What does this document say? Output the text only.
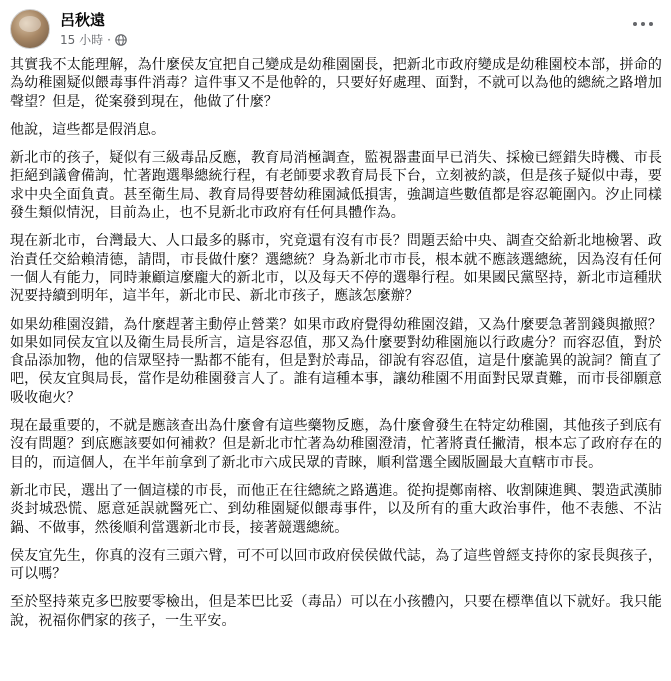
呂秋遠
15 小時 ·

其實我不太能理解，為什麼侯友宜把自己變成是幼稚園園長，把新北市政府變成是幼稚園校本部，拼命的為幼稚園疑似餵毒事件消毒？這件事又不是他幹的，只要好好處理、面對，不就可以為他的總統之路增加聲望？但是，從案發到現在，他做了什麼？

他說，這些都是假消息。

新北市的孩子，疑似有三級毒品反應，教育局消極調查，監視器畫面早已消失、採檢已經錯失時機、市長拒絕到議會備詢，忙著跑選舉總統行程，有老師要求教育局長下台，立刻被約談，但是孩子疑似中毒，要求中央全面負責。甚至衛生局、教育局得要替幼稚園減低損害，強調這些數值都是容忍範圍內。汐止同樣發生類似情況，目前為止，也不見新北市政府有任何具體作為。

現在新北市，台灣最大、人口最多的縣市，究竟還有沒有市長？問題丟給中央、調查交給新北地檢署、政治責任交給賴清德，請問，市長做什麼？選總統？身為新北市市長，根本就不應該選總統，因為沒有任何一個人有能力，同時兼顧這麼龐大的新北市，以及每天不停的選舉行程。如果國民黨堅持，新北市這種狀況要持續到明年，這半年，新北市民、新北市孩子，應該怎麼辦？

如果幼稚園沒錯，為什麼趕著主動停止營業？如果市政府覺得幼稚園沒錯，又為什麼要急著罰錢與撤照？如果如同侯友宜以及衛生局長所言，這是容忍值，那又為什麼要對幼稚園施以行政處分？而容忍值，對於食品添加物，他的信眾堅持一點都不能有，但是對於毒品，卻說有容忍值，這是什麼詭異的說詞？簡直了吧，侯友宜與局長，當作是幼稚園發言人了。誰有這種本事，讓幼稚園不用面對民眾責難，而市長卻願意吸收砲火？

現在最重要的，不就是應該查出為什麼會有這些藥物反應，為什麼會發生在特定幼稚園，其他孩子到底有沒有問題？到底應該要如何補救？但是新北市忙著為幼稚園澄清，忙著將責任撇清，根本忘了政府存在的目的，而這個人，在半年前拿到了新北市六成民眾的青睞，順利當選全國版圖最大直轄市市長。

新北市民，選出了一個這樣的市長，而他正在往總統之路邁進。從拘提鄭南榕、收割陳進興、製造武漢肺炎封城恐慌、愿意延誤就醫死亡、到幼稚園疑似餵毒事件，以及所有的重大政治事件，他不表態、不沾鍋、不做事，然後順利當選新北市長，接著競選總統。

侯友宜先生，你真的沒有三頭六臂，可不可以回市政府侯侯做代誌，為了這些曾經支持你的家長與孩子，可以嗎？

至於堅持萊克多巴胺要零檢出，但是苯巴比妥（毒品）可以在小孩體內，只要在標準值以下就好。我只能說，祝福你們家的孩子，一生平安。
